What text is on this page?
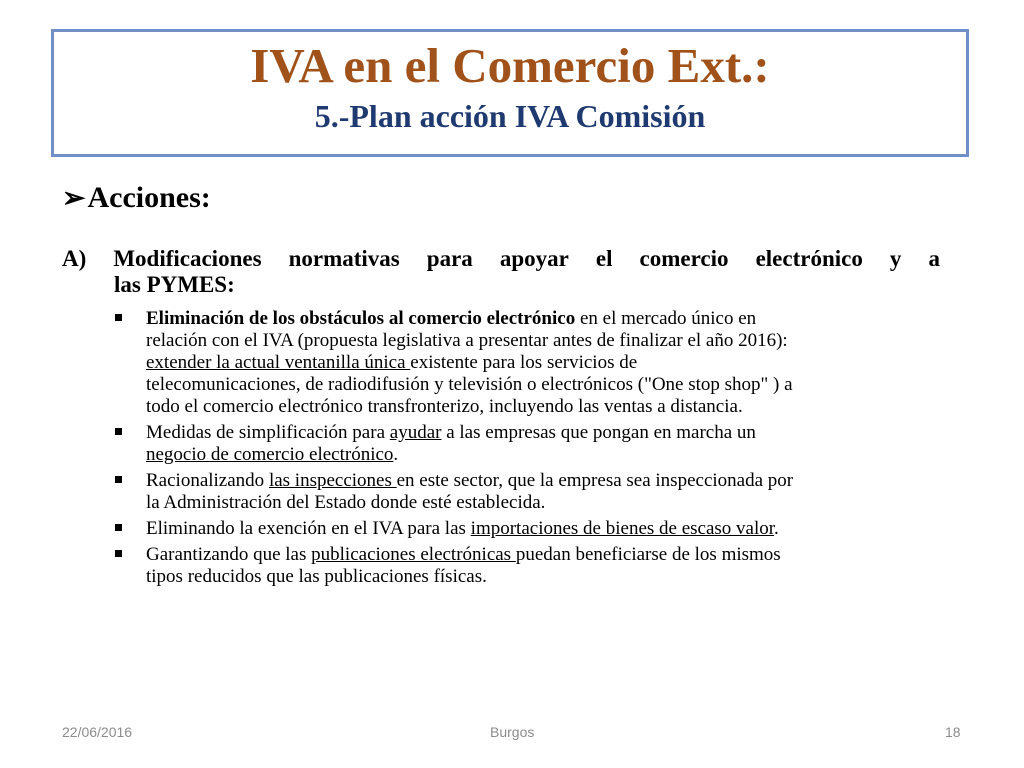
IVA en el Comercio Ext.:
5.-Plan acción IVA Comisión
➢Acciones:
A) Modificaciones normativas para apoyar el comercio electrónico y a
las PYMES:
Eliminación de los obstáculos al comercio electrónico en el mercado único en
relación con el IVA (propuesta legislativa a presentar antes de finalizar el año 2016):
extender la actual ventanilla única existente para los servicios de
telecomunicaciones, de radiodifusión y televisión o electrónicos ("One stop shop" ) a
todo el comercio electrónico transfronterizo, incluyendo las ventas a distancia.
Medidas de simplificación para ayudar a las empresas que pongan en marcha un
negocio de comercio electrónico.
Racionalizando las inspecciones en este sector, que la empresa sea inspeccionada por
la Administración del Estado donde esté establecida.
Eliminando la exención en el IVA para las importaciones de bienes de escaso valor.
Garantizando que las publicaciones electrónicas puedan beneficiarse de los mismos
tipos reducidos que las publicaciones físicas.
22/06/2016	Burgos	18
